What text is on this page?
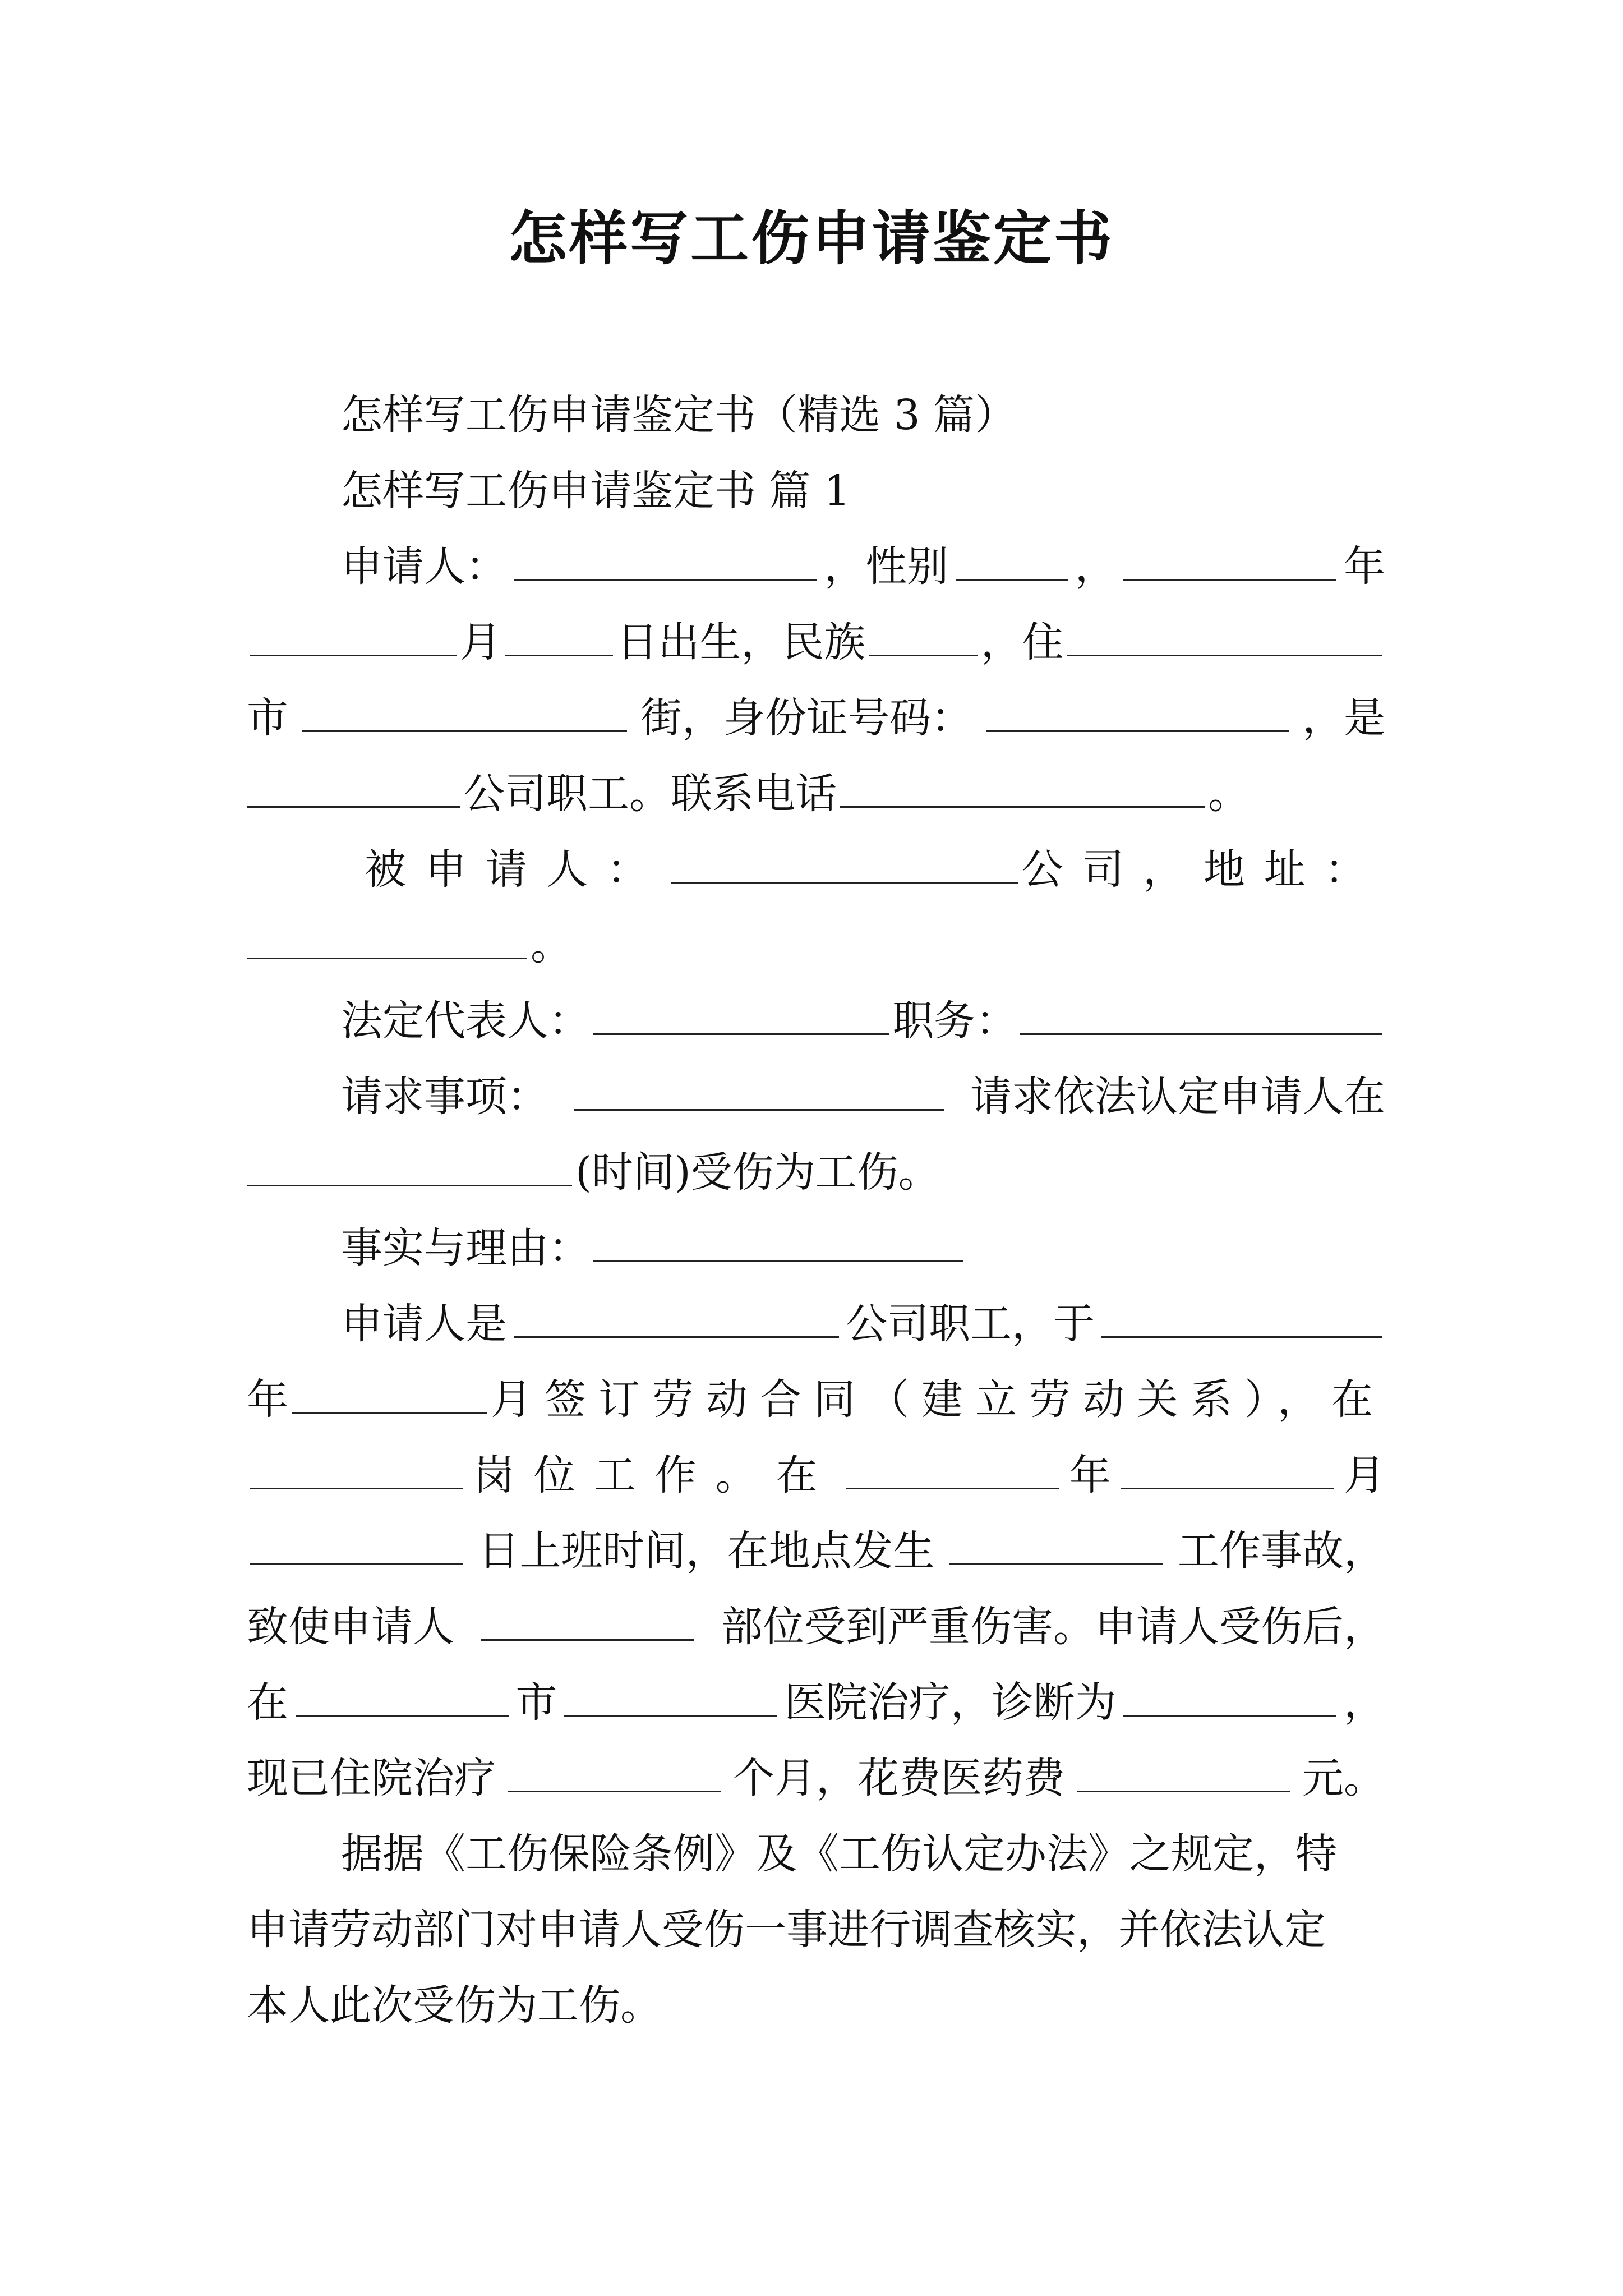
怎样写工伤申请鉴定书
怎样写工伤申请鉴定书（精选 3 篇）
怎样写工伤申请鉴定书 篇 1
申请人：	，性别	，	年
月	日出生，民族	，住
市	街，身份证号码：	，是
公司职工。联系电话	。
被申请人：	公司，地址：
。
法定代表人：	职务：
请求事项：	请求依法认定申请人在
(时间)受伤为工伤。
事实与理由：
申请人是	公司职工，于
年	月签订劳动合同（建立劳动关系），在
岗位工作。在	年	月
日上班时间，在地点发生	工作事故，
致使申请人	部位受到严重伤害。申请人受伤后，
在	市	医院治疗，诊断为	，
现已住院治疗	个月，花费医药费	元。
据据《工伤保险条例》及《工伤认定办法》之规定，特
申请劳动部门对申请人受伤一事进行调查核实，并依法认定
本人此次受伤为工伤。
